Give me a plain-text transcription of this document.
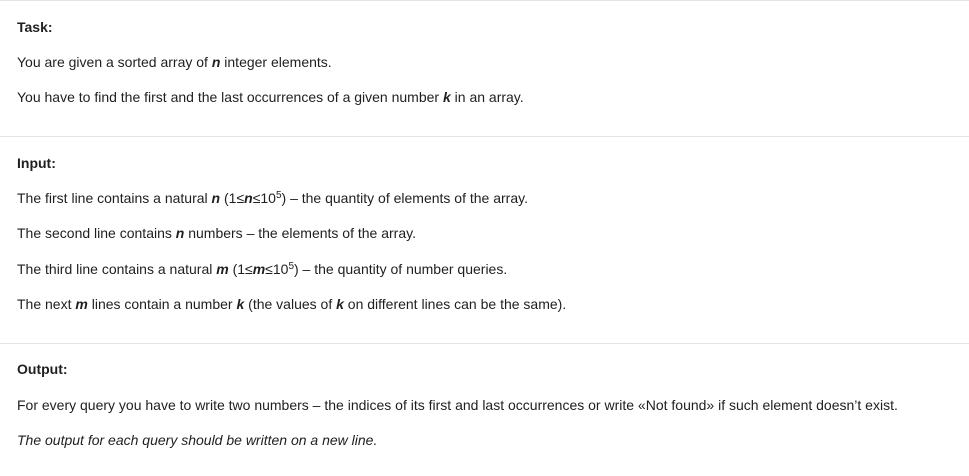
Task:
You are given a sorted array of n integer elements.
You have to find the first and the last occurrences of a given number k in an array.
Input:
The first line contains a natural n $(1\le n\le 10^5)$ – the quantity of elements of the array.
The second line contains n numbers – the elements of the array.
The third line contains a natural m $(1\le m\le 10^5)$ – the quantity of number queries.
The next m lines contain a number k (the values of k on different lines can be the same).
Output:
For every query you have to write two numbers – the indices of its first and last occurrences or write «Not found» if such element doesn’t exist.
The output for each query should be written on a new line.
